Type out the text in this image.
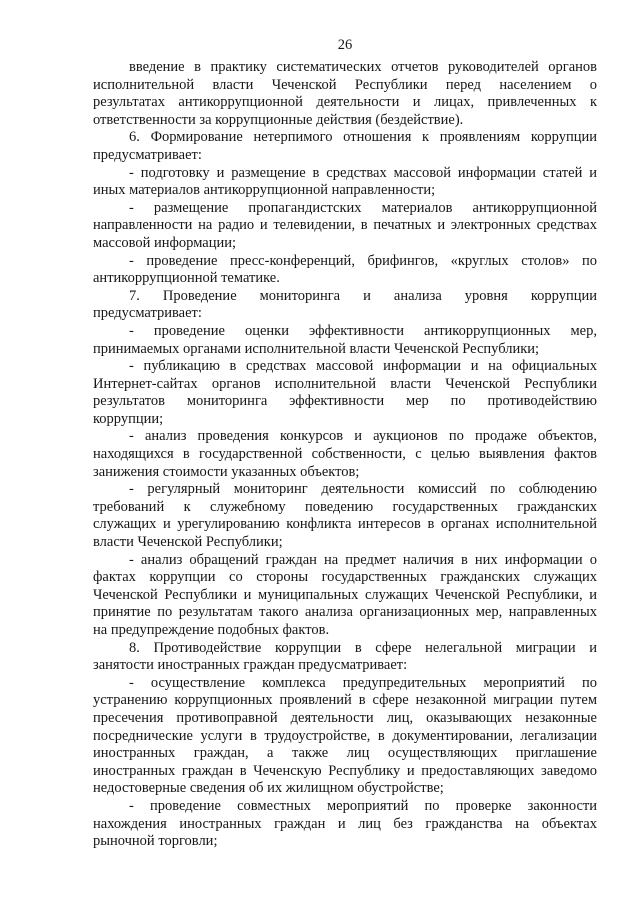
26
введение в практику систематических отчетов руководителей органов
исполнительной власти Чеченской Республики перед населением о
результатах антикоррупционной деятельности и лицах, привлеченных к
ответственности за коррупционные действия (бездействие).
6. Формирование нетерпимого отношения к проявлениям коррупции
предусматривает:
- подготовку и размещение в средствах массовой информации статей и
иных материалов антикоррупционной направленности;
- размещение пропагандистских материалов антикоррупционной
направленности на радио и телевидении, в печатных и электронных средствах
массовой информации;
- проведение пресс-конференций, брифингов, «круглых столов» по
антикоррупционной тематике.
7. Проведение мониторинга и анализа уровня коррупции
предусматривает:
- проведение оценки эффективности антикоррупционных мер,
принимаемых органами исполнительной власти Чеченской Республики;
- публикацию в средствах массовой информации и на официальных
Интернет-сайтах органов исполнительной власти Чеченской Республики
результатов мониторинга эффективности мер по противодействию
коррупции;
- анализ проведения конкурсов и аукционов по продаже объектов,
находящихся в государственной собственности, с целью выявления фактов
занижения стоимости указанных объектов;
- регулярный мониторинг деятельности комиссий по соблюдению
требований к служебному поведению государственных гражданских
служащих и урегулированию конфликта интересов в органах исполнительной
власти Чеченской Республики;
- анализ обращений граждан на предмет наличия в них информации о
фактах коррупции со стороны государственных гражданских служащих
Чеченской Республики и муниципальных служащих Чеченской Республики, и
принятие по результатам такого анализа организационных мер, направленных
на предупреждение подобных фактов.
8. Противодействие коррупции в сфере нелегальной миграции и
занятости иностранных граждан предусматривает:
- осуществление комплекса предупредительных мероприятий по
устранению коррупционных проявлений в сфере незаконной миграции путем
пресечения противоправной деятельности лиц, оказывающих незаконные
посреднические услуги в трудоустройстве, в документировании, легализации
иностранных граждан, а также лиц осуществляющих приглашение
иностранных граждан в Чеченскую Республику и предоставляющих заведомо
недостоверные сведения об их жилищном обустройстве;
- проведение совместных мероприятий по проверке законности
нахождения иностранных граждан и лиц без гражданства на объектах
рыночной торговли;
